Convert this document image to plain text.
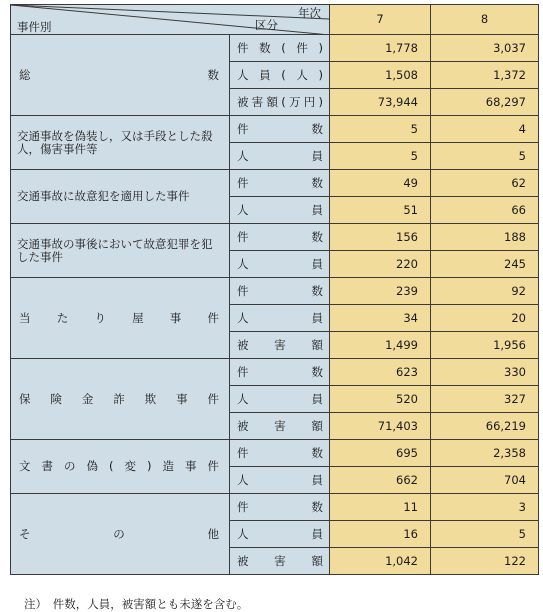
年次
区分
事件別		7	8
総数	件数(件)	1,778	3,037
	人員(人)	1,508	1,372
	被害額(万円)	73,944	68,297
交通事故を偽装し，又は手段とした殺人，傷害事件等	件数	5	4
	人員	5	5
交通事故に故意犯を適用した事件	件数	49	62
	人員	51	66
交通事故の事後において故意犯罪を犯した事件	件数	156	188
	人員	220	245
当たり屋事件	件数	239	92
	人員	34	20
	被害額	1,499	1,956
保険金詐欺事件	件数	623	330
	人員	520	327
	被害額	71,403	66,219
文書の偽(変)造事件	件数	695	2,358
	人員	662	704
その他	件数	11	3
	人員	16	5
	被害額	1,042	122
注）　件数，人員，被害額とも未遂を含む。
